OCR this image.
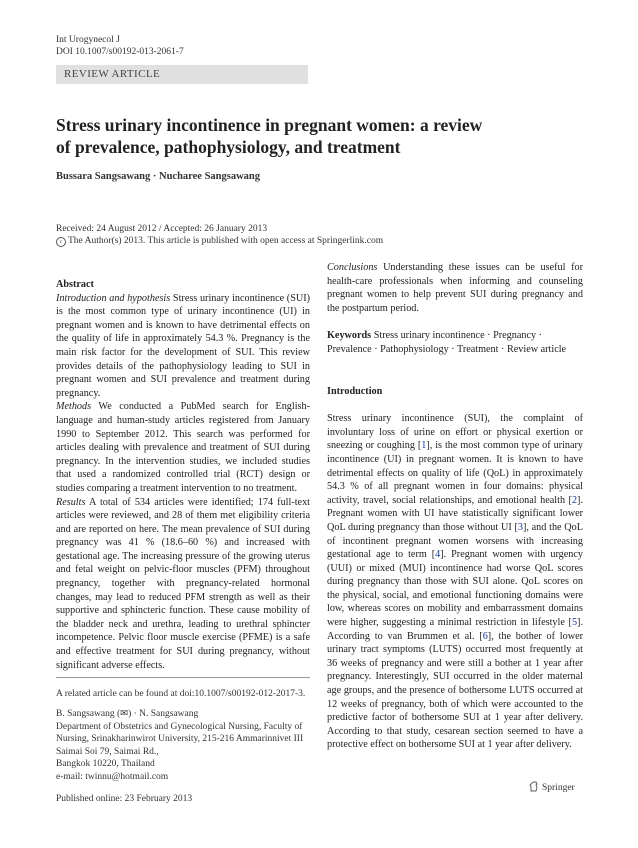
Int Urogynecol J
DOI 10.1007/s00192-013-2061-7
REVIEW ARTICLE
Stress urinary incontinence in pregnant women: a review
of prevalence, pathophysiology, and treatment
Bussara Sangsawang · Nucharee Sangsawang
Received: 24 August 2012 / Accepted: 26 January 2013
c The Author(s) 2013. This article is published with open access at Springerlink.com

Abstract

Introduction and hypothesis Stress urinary incontinence (SUI) is the most common type of urinary incontinence (UI) in pregnant women and is known to have detrimental effects on the quality of life in approximately 54.3 %. Pregnancy is the main risk factor for the development of SUI. This review provides details of the pathophysiology leading to SUI in pregnant women and SUI prevalence and treatment during pregnancy.

Methods We conducted a PubMed search for English-language and human-study articles registered from January 1990 to September 2012. This search was performed for articles dealing with prevalence and treatment of SUI during pregnancy. In the intervention studies, we included studies that used a randomized controlled trial (RCT) design or studies comparing a treatment intervention to no treatment.

Results A total of 534 articles were identified; 174 full-text articles were reviewed, and 28 of them met eligibility criteria and are reported on here. The mean prevalence of SUI during pregnancy was 41 % (18.6–60 %) and increased with gestational age. The increasing pressure of the growing uterus and fetal weight on pelvic-floor muscles (PFM) throughout pregnancy, together with pregnancy-related hormonal changes, may lead to reduced PFM strength as well as their supportive and sphincteric function. These cause mobility of the bladder neck and urethra, leading to urethral sphincter incompetence. Pelvic floor muscle exercise (PFME) is a safe and effective treatment for SUI during pregnancy, without significant adverse effects.

A related article can be found at doi:10.1007/s00192-012-2017-3.
B. Sangsawang (✉) · N. Sangsawang
Department of Obstetrics and Gynecological Nursing, Faculty of
Nursing, Srinakharinwirot University, 215-216 Ammarinnivet III
Saimai Soi 79, Saimai Rd.,
Bangkok 10220, Thailand
e-mail: twinnu@hotmail.com

Conclusions Understanding these issues can be useful for health-care professionals when informing and counseling pregnant women to help prevent SUI during pregnancy and the postpartum period.

Keywords Stress urinary incontinence · Pregnancy · Prevalence · Pathophysiology · Treatment · Review article

Introduction

Stress urinary incontinence (SUI), the complaint of involuntary loss of urine on effort or physical exertion or sneezing or coughing [1], is the most common type of urinary incontinence (UI) in pregnant women. It is known to have detrimental effects on quality of life (QoL) in approximately 54.3 % of all pregnant women in four domains: physical activity, travel, social relationships, and emotional health [2]. Pregnant women with UI have statistically significant lower QoL during pregnancy than those without UI [3], and the QoL of incontinent pregnant women worsens with increasing gestational age to term [4]. Pregnant women with urgency (UUI) or mixed (MUI) incontinence had worse QoL scores during pregnancy than those with SUI alone. QoL scores on the physical, social, and emotional functioning domains were low, whereas scores on mobility and embarrassment domains were higher, suggesting a minimal restriction in lifestyle [5]. According to van Brummen et al. [6], the bother of lower urinary tract symptoms (LUTS) occurred most frequently at 36 weeks of pregnancy and were still a bother at 1 year after pregnancy. Interestingly, SUI occurred in the older maternal age groups, and the presence of bothersome LUTS occurred at 12 weeks of pregnancy, both of which were accounted to the predictive factor of bothersome SUI at 1 year after delivery. According to that study, cesarean section seemed to have a protective effect on bothersome SUI at 1 year after delivery.

Published online: 23 February 2013
Springer
